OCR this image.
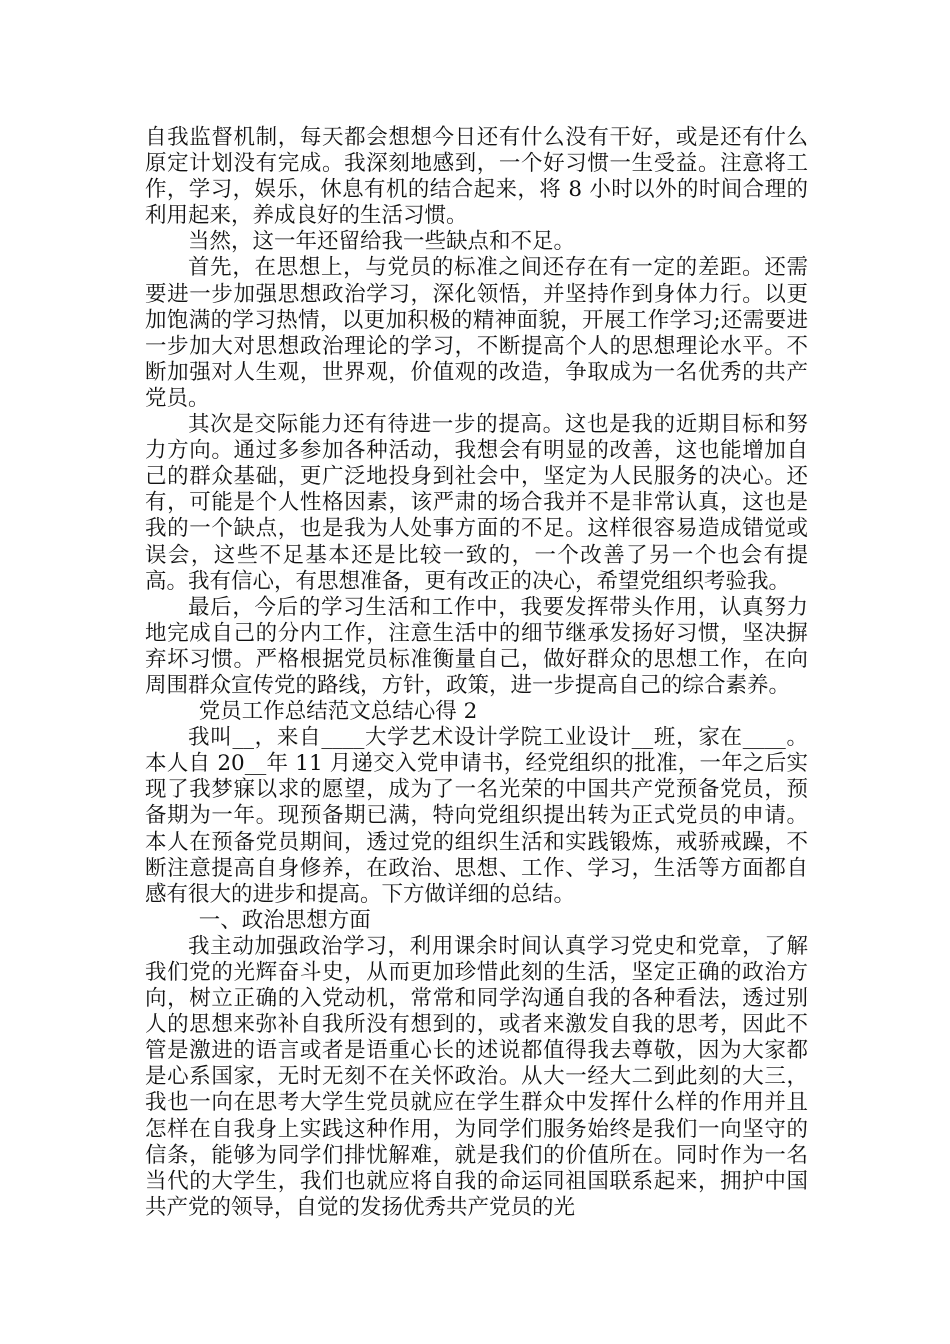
自我监督机制，每天都会想想今日还有什么没有干好，或是还有什么原定计划没有完成。我深刻地感到，一个好习惯一生受益。注意将工作，学习，娱乐，休息有机的结合起来，将 8 小时以外的时间合理的利用起来，养成良好的生活习惯。

当然，这一年还留给我一些缺点和不足。

首先，在思想上，与党员的标准之间还存在有一定的差距。还需要进一步加强思想政治学习，深化领悟，并坚持作到身体力行。以更加饱满的学习热情，以更加积极的精神面貌，开展工作学习;还需要进一步加大对思想政治理论的学习，不断提高个人的思想理论水平。不断加强对人生观，世界观，价值观的改造，争取成为一名优秀的共产党员。

其次是交际能力还有待进一步的提高。这也是我的近期目标和努力方向。通过多参加各种活动，我想会有明显的改善，这也能增加自己的群众基础，更广泛地投身到社会中，坚定为人民服务的决心。还有，可能是个人性格因素，该严肃的场合我并不是非常认真，这也是我的一个缺点，也是我为人处事方面的不足。这样很容易造成错觉或误会，这些不足基本还是比较一致的，一个改善了另一个也会有提高。我有信心，有思想准备，更有改正的决心，希望党组织考验我。

最后，今后的学习生活和工作中，我要发挥带头作用，认真努力地完成自己的分内工作，注意生活中的细节继承发扬好习惯，坚决摒弃坏习惯。严格根据党员标准衡量自己，做好群众的思想工作，在向周围群众宣传党的路线，方针，政策，进一步提高自己的综合素养。

党员工作总结范文总结心得 2

我叫__，来自____大学艺术设计学院工业设计__班，家在____。本人自 20__年 11 月递交入党申请书，经党组织的批准，一年之后实现了我梦寐以求的愿望，成为了一名光荣的中国共产党预备党员，预备期为一年。现预备期已满，特向党组织提出转为正式党员的申请。本人在预备党员期间，透过党的组织生活和实践锻炼，戒骄戒躁，不断注意提高自身修养，在政治、思想、工作、学习，生活等方面都自感有很大的进步和提高。下方做详细的总结。

一、政治思想方面

我主动加强政治学习，利用课余时间认真学习党史和党章，了解我们党的光辉奋斗史，从而更加珍惜此刻的生活，坚定正确的政治方向，树立正确的入党动机，常常和同学沟通自我的各种看法，透过别人的思想来弥补自我所没有想到的，或者来激发自我的思考，因此不管是激进的语言或者是语重心长的述说都值得我去尊敬，因为大家都是心系国家，无时无刻不在关怀政治。从大一经大二到此刻的大三，我也一向在思考大学生党员就应在学生群众中发挥什么样的作用并且怎样在自我身上实践这种作用，为同学们服务始终是我们一向坚守的信条，能够为同学们排忧解难，就是我们的价值所在。同时作为一名当代的大学生，我们也就应将自我的命运同祖国联系起来，拥护中国共产党的领导，自觉的发扬优秀共产党员的光
